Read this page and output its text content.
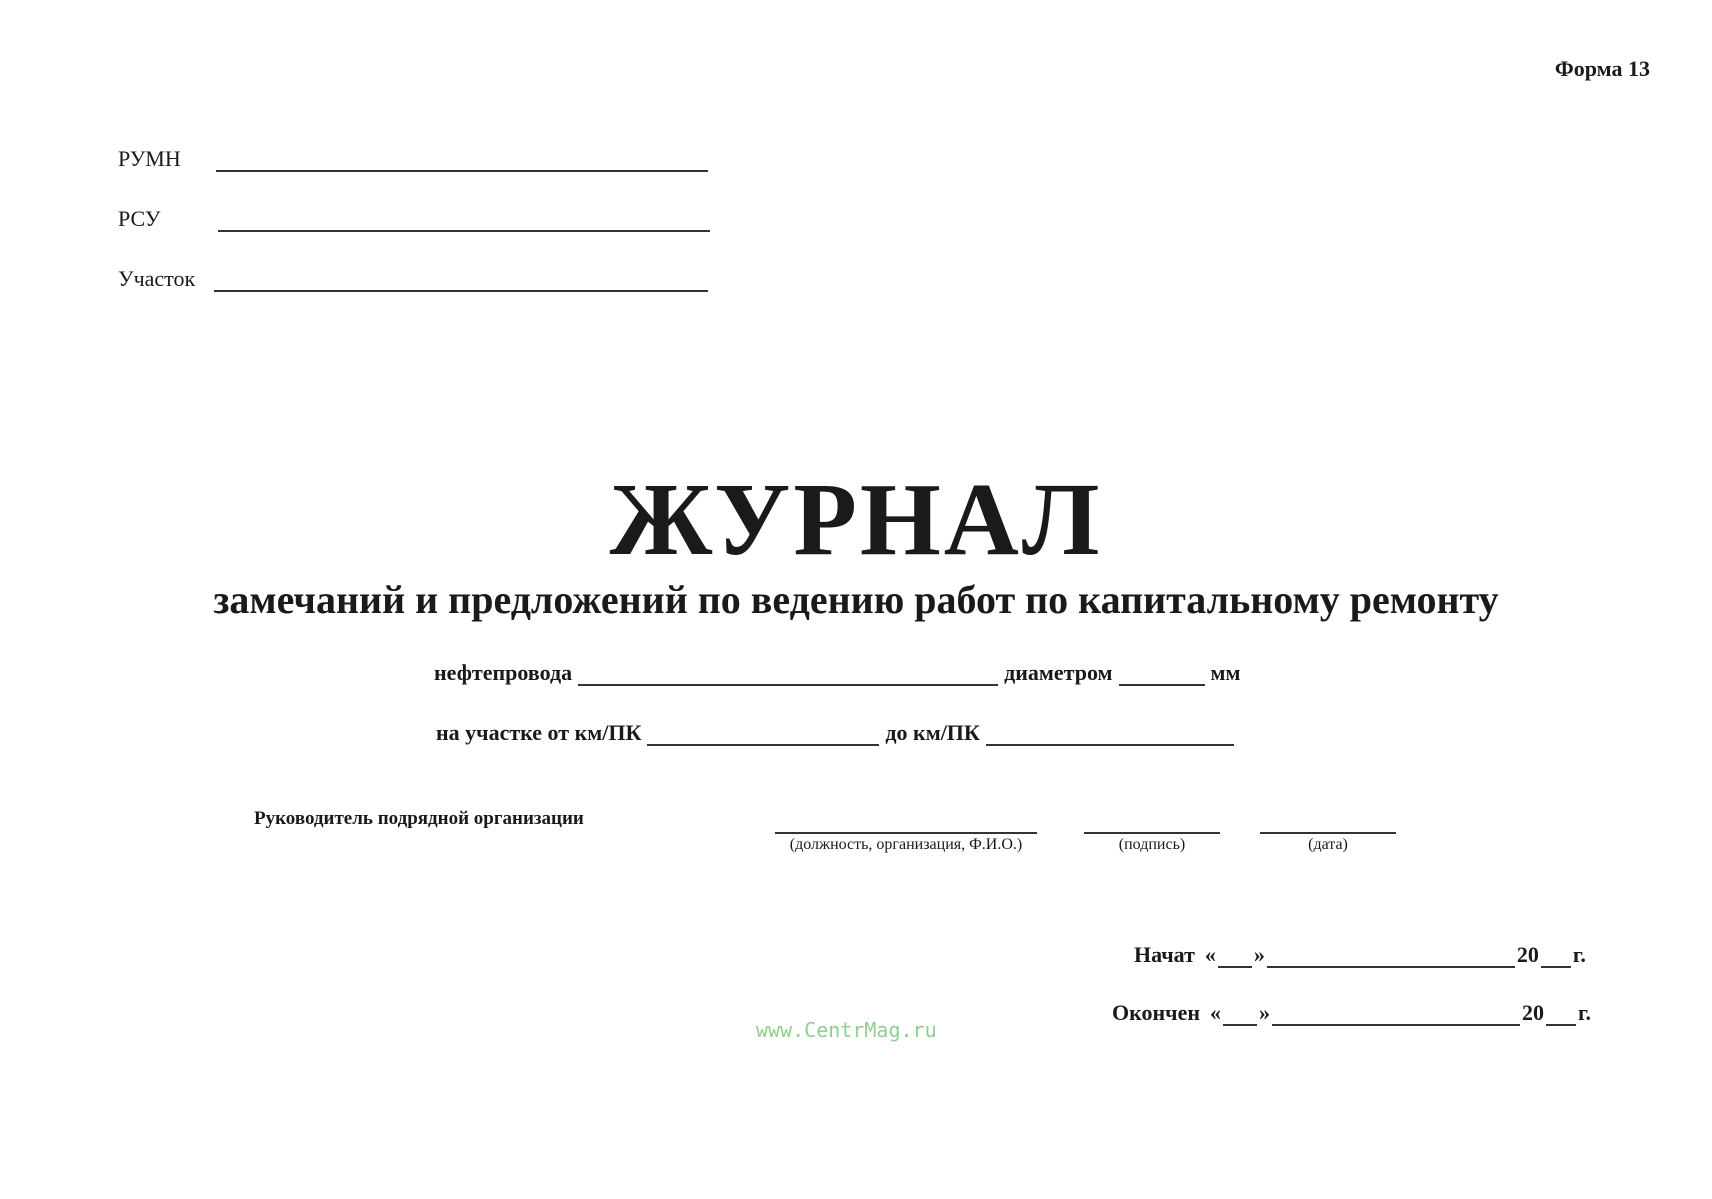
Форма 13
РУМН
РСУ
Участок
ЖУРНАЛ
замечаний и предложений по ведению работ по капитальному ремонту
нефтепровода	диаметром	мм
на участке от км/ПК	до км/ПК
Руководитель подрядной организации
(должность, организация, Ф.И.О.)	(подпись)	(дата)
Начат « »	20 г.
Окончен « »	20 г.
www.CentrMag.ru
